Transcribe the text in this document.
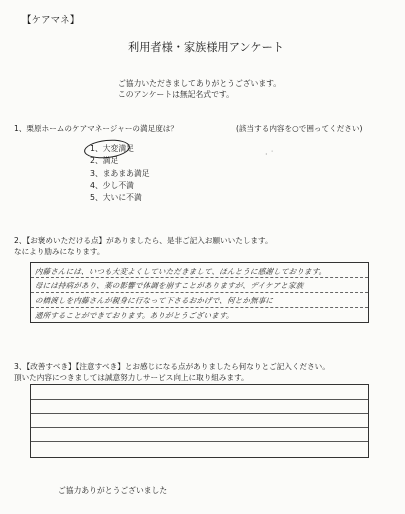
【ケアマネ】
利用者様・家族様用アンケート
ご協力いただきましてありがとうございます。
このアンケートは無記名式です。
1、栗原ホームのケアマネージャーの満足度は？	(該当する内容を○で囲ってください)
1、大変満足
2、満足
3、まあまあ満足
4、少し不満
5、大いに不満
· ˙
2、【お褒めいただける点】がありましたら、是非ご記入お願いいたします。
なにより励みになります。
内藤さんには、いつも大変よくしていただきまして、ほんとうに感謝しております。
母には持病があり、薬の影響で体調を崩すことがありますが、デイケアと家族
の橋渡しを内藤さんが親身に行なって下さるおかげで、何とか無事に
通所することができております。ありがとうございます。
3、【改善すべき】【注意すべき】とお感じになる点がありましたら何なりとご記入ください。
頂いた内容につきましては誠意努力しサービス向上に取り組みます。
ご協力ありがとうございました
